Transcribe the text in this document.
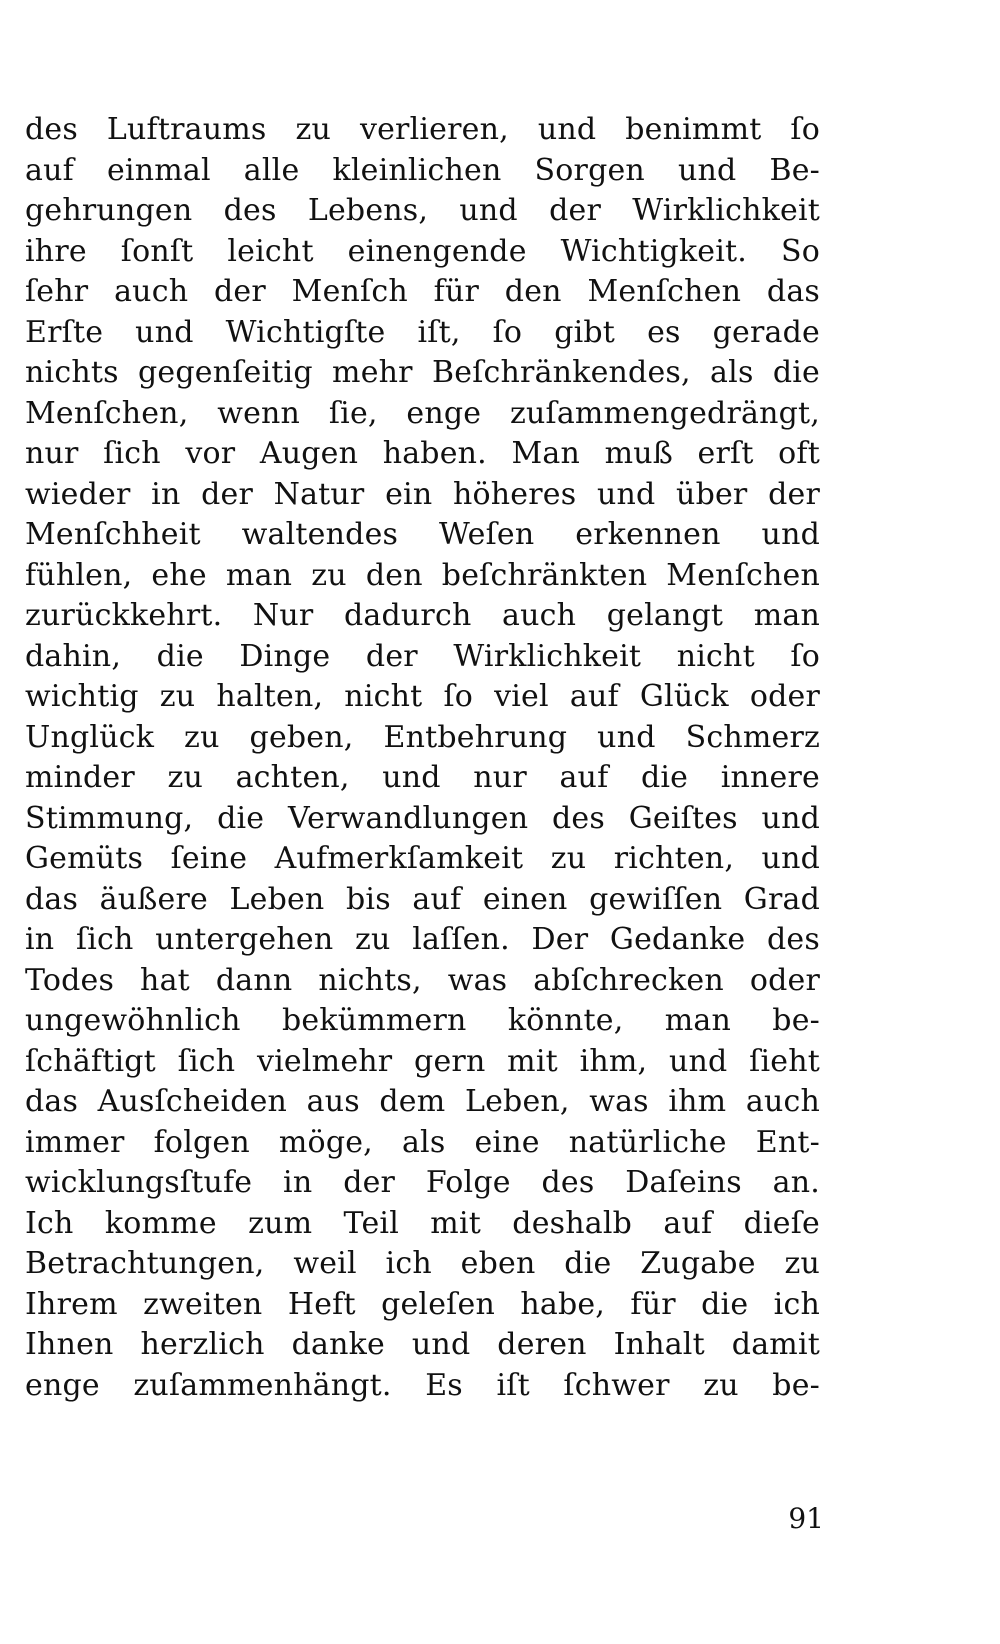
des Luftraums zu verlieren, und benimmt ſo
auf einmal alle kleinlichen Sorgen und Be-
gehrungen des Lebens, und der Wirklichkeit
ihre ſonſt leicht einengende Wichtigkeit. So
ſehr auch der Menſch für den Menſchen das
Erſte und Wichtigſte iſt, ſo gibt es gerade
nichts gegenſeitig mehr Beſchränkendes, als die
Menſchen, wenn ſie, enge zuſammengedrängt,
nur ſich vor Augen haben. Man muß erſt oft
wieder in der Natur ein höheres und über der
Menſchheit waltendes Weſen erkennen und
fühlen, ehe man zu den beſchränkten Menſchen
zurückkehrt. Nur dadurch auch gelangt man
dahin, die Dinge der Wirklichkeit nicht ſo
wichtig zu halten, nicht ſo viel auf Glück oder
Unglück zu geben, Entbehrung und Schmerz
minder zu achten, und nur auf die innere
Stimmung, die Verwandlungen des Geiſtes und
Gemüts ſeine Aufmerkſamkeit zu richten, und
das äußere Leben bis auf einen gewiſſen Grad
in ſich untergehen zu laſſen. Der Gedanke des
Todes hat dann nichts, was abſchrecken oder
ungewöhnlich bekümmern könnte, man be-
ſchäftigt ſich vielmehr gern mit ihm, und ſieht
das Ausſcheiden aus dem Leben, was ihm auch
immer folgen möge, als eine natürliche Ent-
wicklungsſtufe in der Folge des Daſeins an.
Ich komme zum Teil mit deshalb auf dieſe
Betrachtungen, weil ich eben die Zugabe zu
Ihrem zweiten Heft geleſen habe, für die ich
Ihnen herzlich danke und deren Inhalt damit
enge zuſammenhängt. Es iſt ſchwer zu be-
91
